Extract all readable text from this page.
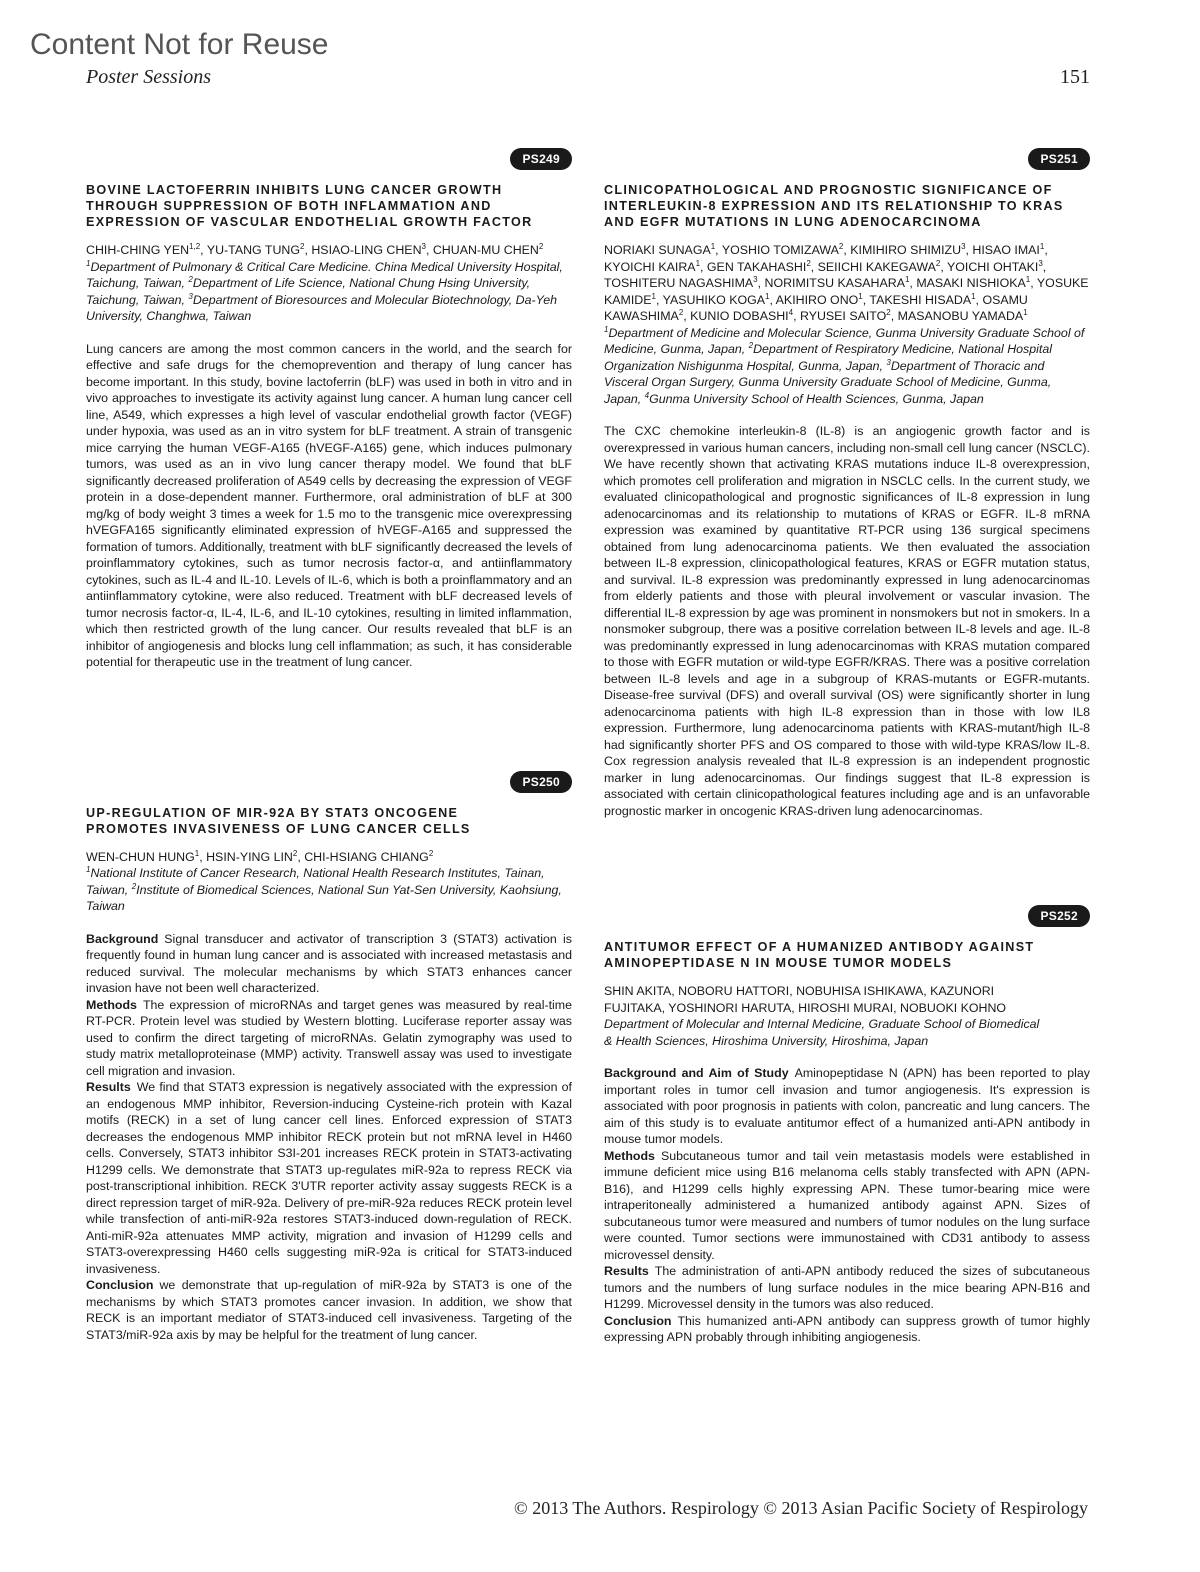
Content Not for Reuse
Poster Sessions	151
PS249
BOVINE LACTOFERRIN INHIBITS LUNG CANCER GROWTH THROUGH SUPPRESSION OF BOTH INFLAMMATION AND EXPRESSION OF VASCULAR ENDOTHELIAL GROWTH FACTOR

CHIH-CHING YEN$^{1,2}$, YU-TANG TUNG$^2$, HSIAO-LING CHEN$^3$, CHUAN-MU CHEN$^2$

$^1$Department of Pulmonary & Critical Care Medicine. China Medical University Hospital, Taichung, Taiwan, $^2$Department of Life Science, National Chung Hsing University, Taichung, Taiwan, $^3$Department of Bioresources and Molecular Biotechnology, Da-Yeh University, Changhwa, Taiwan

Lung cancers are among the most common cancers in the world, and the search for effective and safe drugs for the chemoprevention and therapy of lung cancer has become important. In this study, bovine lactoferrin (bLF) was used in both in vitro and in vivo approaches to investigate its activity against lung cancer. A human lung cancer cell line, A549, which expresses a high level of vascular endothelial growth factor (VEGF) under hypoxia, was used as an in vitro system for bLF treatment. A strain of transgenic mice carrying the human VEGF-A165 (hVEGF-A165) gene, which induces pulmonary tumors, was used as an in vivo lung cancer therapy model. We found that bLF significantly decreased proliferation of A549 cells by decreasing the expression of VEGF protein in a dose-dependent manner. Furthermore, oral administration of bLF at 300 mg/kg of body weight 3 times a week for 1.5 mo to the transgenic mice overexpressing hVEGFA165 significantly eliminated expression of hVEGF-A165 and suppressed the formation of tumors. Additionally, treatment with bLF significantly decreased the levels of proinflammatory cytokines, such as tumor necrosis factor-α, and antiinflammatory cytokines, such as IL-4 and IL-10. Levels of IL-6, which is both a proinflammatory and an antiinflammatory cytokine, were also reduced. Treatment with bLF decreased levels of tumor necrosis factor-α, IL-4, IL-6, and IL-10 cytokines, resulting in limited inflammation, which then restricted growth of the lung cancer. Our results revealed that bLF is an inhibitor of angiogenesis and blocks lung cell inflammation; as such, it has considerable potential for therapeutic use in the treatment of lung cancer.

PS250
UP-REGULATION OF MIR-92A BY STAT3 ONCOGENE PROMOTES INVASIVENESS OF LUNG CANCER CELLS

WEN-CHUN HUNG$^1$, HSIN-YING LIN$^2$, CHI-HSIANG CHIANG$^2$

$^1$National Institute of Cancer Research, National Health Research Institutes, Tainan, Taiwan, $^2$Institute of Biomedical Sciences, National Sun Yat-Sen University, Kaohsiung, Taiwan

Background Signal transducer and activator of transcription 3 (STAT3) activation is frequently found in human lung cancer and is associated with increased metastasis and reduced survival. The molecular mechanisms by which STAT3 enhances cancer invasion have not been well characterized.

Methods The expression of microRNAs and target genes was measured by real-time RT-PCR. Protein level was studied by Western blotting. Luciferase reporter assay was used to confirm the direct targeting of microRNAs. Gelatin zymography was used to study matrix metalloproteinase (MMP) activity. Transwell assay was used to investigate cell migration and invasion.

Results We find that STAT3 expression is negatively associated with the expression of an endogenous MMP inhibitor, Reversion-inducing Cysteine-rich protein with Kazal motifs (RECK) in a set of lung cancer cell lines. Enforced expression of STAT3 decreases the endogenous MMP inhibitor RECK protein but not mRNA level in H460 cells. Conversely, STAT3 inhibitor S3I-201 increases RECK protein in STAT3-activating H1299 cells. We demonstrate that STAT3 up-regulates miR-92a to repress RECK via post-transcriptional inhibition. RECK 3'UTR reporter activity assay suggests RECK is a direct repression target of miR-92a. Delivery of pre-miR-92a reduces RECK protein level while transfection of anti-miR-92a restores STAT3-induced down-regulation of RECK. Anti-miR-92a attenuates MMP activity, migration and invasion of H1299 cells and STAT3-overexpressing H460 cells suggesting miR-92a is critical for STAT3-induced invasiveness.

Conclusion we demonstrate that up-regulation of miR-92a by STAT3 is one of the mechanisms by which STAT3 promotes cancer invasion. In addition, we show that RECK is an important mediator of STAT3-induced cell invasiveness. Targeting of the STAT3/miR-92a axis by may be helpful for the treatment of lung cancer.

PS251
CLINICOPATHOLOGICAL AND PROGNOSTIC SIGNIFICANCE OF INTERLEUKIN-8 EXPRESSION AND ITS RELATIONSHIP TO KRAS AND EGFR MUTATIONS IN LUNG ADENOCARCINOMA

NORIAKI SUNAGA$^1$, YOSHIO TOMIZAWA$^2$, KIMIHIRO SHIMIZU$^3$, HISAO IMAI$^1$, KYOICHI KAIRA$^1$, GEN TAKAHASHI$^2$, SEIICHI KAKEGAWA$^2$, YOICHI OHTAKI$^3$, TOSHITERU NAGASHIMA$^3$, NORIMITSU KASAHARA$^1$, MASAKI NISHIOKA$^1$, YOSUKE KAMIDE$^1$, YASUHIKO KOGA$^1$, AKIHIRO ONO$^1$, TAKESHI HISADA$^1$, OSAMU KAWASHIMA$^2$, KUNIO DOBASHI$^4$, RYUSEI SAITO$^2$, MASANOBU YAMADA$^1$

$^1$Department of Medicine and Molecular Science, Gunma University Graduate School of Medicine, Gunma, Japan, $^2$Department of Respiratory Medicine, National Hospital Organization Nishigunma Hospital, Gunma, Japan, $^3$Department of Thoracic and Visceral Organ Surgery, Gunma University Graduate School of Medicine, Gunma, Japan, $^4$Gunma University School of Health Sciences, Gunma, Japan

The CXC chemokine interleukin-8 (IL-8) is an angiogenic growth factor and is overexpressed in various human cancers, including non-small cell lung cancer (NSCLC). We have recently shown that activating KRAS mutations induce IL-8 overexpression, which promotes cell proliferation and migration in NSCLC cells. In the current study, we evaluated clinicopathological and prognostic significances of IL-8 expression in lung adenocarcinomas and its relationship to mutations of KRAS or EGFR. IL-8 mRNA expression was examined by quantitative RT-PCR using 136 surgical specimens obtained from lung adenocarcinoma patients. We then evaluated the association between IL-8 expression, clinicopathological features, KRAS or EGFR mutation status, and survival. IL-8 expression was predominantly expressed in lung adenocarcinomas from elderly patients and those with pleural involvement or vascular invasion. The differential IL-8 expression by age was prominent in nonsmokers but not in smokers. In a nonsmoker subgroup, there was a positive correlation between IL-8 levels and age. IL-8 was predominantly expressed in lung adenocarcinomas with KRAS mutation compared to those with EGFR mutation or wild-type EGFR/KRAS. There was a positive correlation between IL-8 levels and age in a subgroup of KRAS-mutants or EGFR-mutants. Disease-free survival (DFS) and overall survival (OS) were significantly shorter in lung adenocarcinoma patients with high IL-8 expression than in those with low IL8 expression. Furthermore, lung adenocarcinoma patients with KRAS-mutant/high IL-8 had significantly shorter PFS and OS compared to those with wild-type KRAS/low IL-8. Cox regression analysis revealed that IL-8 expression is an independent prognostic marker in lung adenocarcinomas. Our findings suggest that IL-8 expression is associated with certain clinicopathological features including age and is an unfavorable prognostic marker in oncogenic KRAS-driven lung adenocarcinomas.

PS252
ANTITUMOR EFFECT OF A HUMANIZED ANTIBODY AGAINST AMINOPEPTIDASE N IN MOUSE TUMOR MODELS

SHIN AKITA, NOBORU HATTORI, NOBUHISA ISHIKAWA, KAZUNORI FUJITAKA, YOSHINORI HARUTA, HIROSHI MURAI, NOBUOKI KOHNO

Department of Molecular and Internal Medicine, Graduate School of Biomedical & Health Sciences, Hiroshima University, Hiroshima, Japan

Background and Aim of Study Aminopeptidase N (APN) has been reported to play important roles in tumor cell invasion and tumor angiogenesis. It's expression is associated with poor prognosis in patients with colon, pancreatic and lung cancers. The aim of this study is to evaluate antitumor effect of a humanized anti-APN antibody in mouse tumor models.

Methods Subcutaneous tumor and tail vein metastasis models were established in immune deficient mice using B16 melanoma cells stably transfected with APN (APN-B16), and H1299 cells highly expressing APN. These tumor-bearing mice were intraperitoneally administered a humanized antibody against APN. Sizes of subcutaneous tumor were measured and numbers of tumor nodules on the lung surface were counted. Tumor sections were immunostained with CD31 antibody to assess microvessel density.

Results The administration of anti-APN antibody reduced the sizes of subcutaneous tumors and the numbers of lung surface nodules in the mice bearing APN-B16 and H1299. Microvessel density in the tumors was also reduced.

Conclusion This humanized anti-APN antibody can suppress growth of tumor highly expressing APN probably through inhibiting angiogenesis.

© 2013 The Authors. Respirology © 2013 Asian Pacific Society of Respirology
